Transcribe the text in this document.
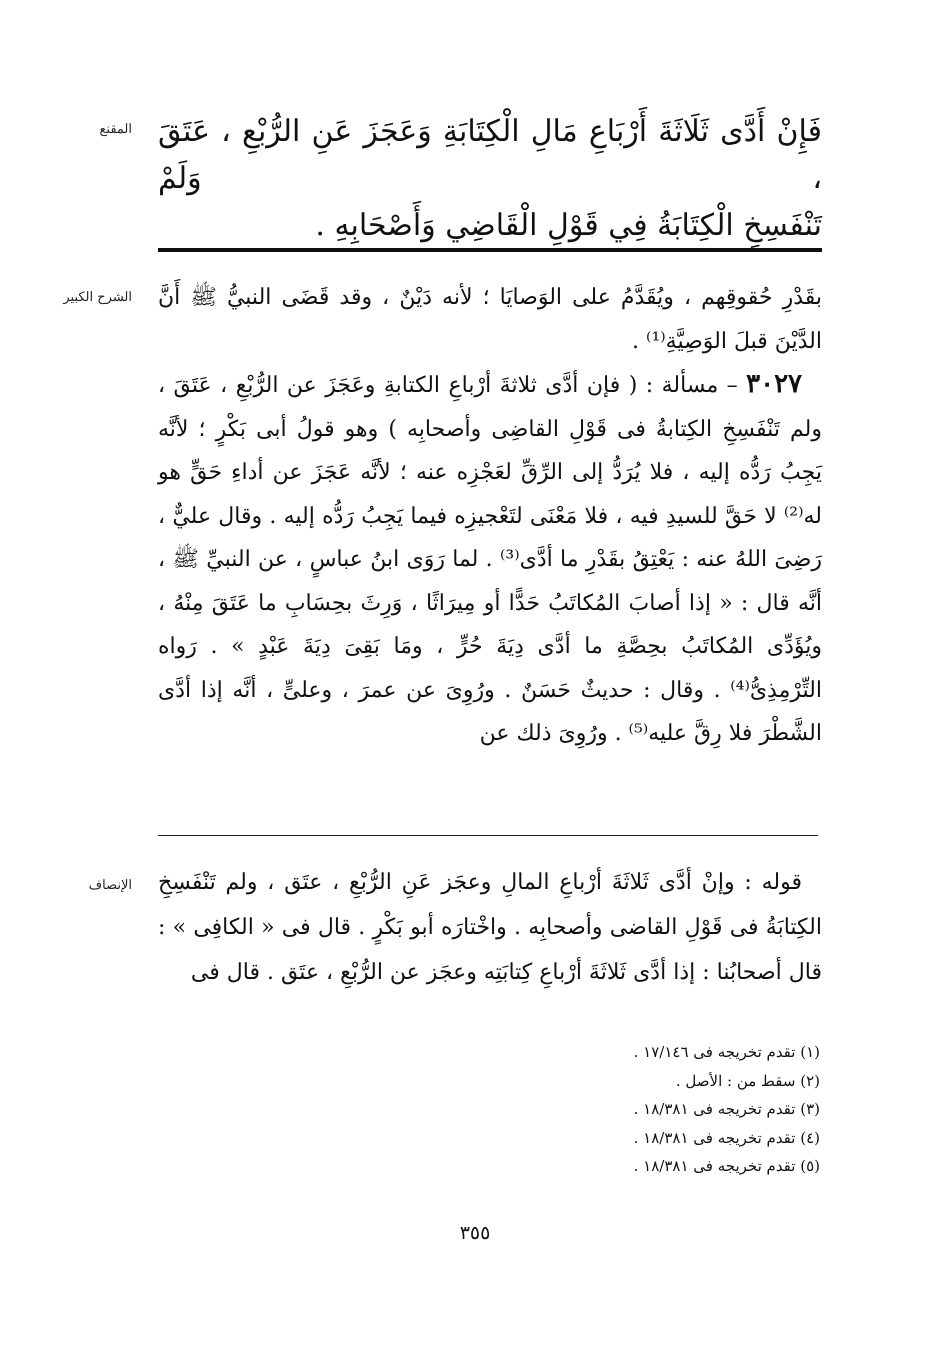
المقنع فَإِنْ أَدَّى ثَلَاثَةَ أَرْبَاعِ مَالِ الْكِتَابَةِ وَعَجَزَ عَنِ الرُّبْعِ ، عَتَقَ ، وَلَمْ

تَنْفَسِخِ الْكِتَابَةُ فِي قَوْلِ الْقَاضِي وَأَصْحَابِهِ .

الشرح الكبير بقَدْرِ حُقوقِهم ، ويُقَدَّمُ على الوَصايَا ؛ لأنه دَيْنٌ ، وقد قَضَى النبيُّ ﷺ أَنَّ الدَّيْنَ قبلَ الوَصِيَّةِ⁽¹⁾ .

٣٠٢٧ – مسألة : ( فإن أدَّى ثلاثةَ أرْباعِ الكتابةِ وعَجَزَ عن الرُّبْعِ ، عَتَقَ ، ولم تَنْفَسِخِ الكِتابةُ فى قَوْلِ القاضِى وأصحابِه ) وهو قولُ أبى بَكْرٍ ؛ لأنَّه يَجِبُ رَدُّه إليه ، فلا يُرَدُّ إلى الرِّقِّ لعَجْزِه عنه ؛ لأنَّه عَجَزَ عن أداءِ حَقٍّ هو له⁽²⁾ لا حَقَّ للسيدِ فيه ، فلا مَعْنَى لتَعْجيزِه فيما يَجِبُ رَدُّه إليه . وقال عليٌّ ، رَضِىَ اللهُ عنه : يَعْتِقُ بقَدْرِ ما أدَّى⁽³⁾ . لما رَوَى ابنُ عباسٍ ، عن النبيِّ ﷺ ، أنَّه قال : « إذا أصابَ المُكاتَبُ حَدًّا أو مِيرَاثًا ، وَرِثَ بحِسَابِ ما عَتَقَ مِنْهُ ، ويُؤَدِّى المُكاتَبُ بحِصَّةِ ما أدَّى دِيَةَ حُرٍّ ، ومَا بَقِىَ دِيَةَ عَبْدٍ » . رَواه التِّرْمِذِىُّ⁽⁴⁾ . وقال : حديثٌ حَسَنٌ . ورُوِىَ عن عمرَ ، وعلىٍّ ، أنَّه إذا أدَّى الشَّطْرَ فلا رِقَّ عليه⁽⁵⁾ . ورُوِىَ ذلك عن

الإنصاف قوله : وإنْ أدَّى ثَلاثَةَ أرْباعِ المالِ وعجَز عَنِ الرُّبْعِ ، عتَق ، ولم تَنْفَسِخِ الكِتابَةُ فى قَوْلِ القاضى وأصحابِه . واخْتارَه أبو بَكْرٍ . قال فى « الكافِى » : قال أصحابُنا : إذا أدَّى ثَلاثَةَ أرْباعِ كِتابَتِه وعجَز عن الرُّبْعِ ، عتَق . قال فى

(١) تقدم تخريجه فى ١٧/١٤٦ .

(٢) سقط من : الأصل .

(٣) تقدم تخريجه فى ١٨/٣٨١ .

(٤) تقدم تخريجه فى ١٨/٣٨١ .

(٥) تقدم تخريجه فى ١٨/٣٨١ .

٣٥٥
